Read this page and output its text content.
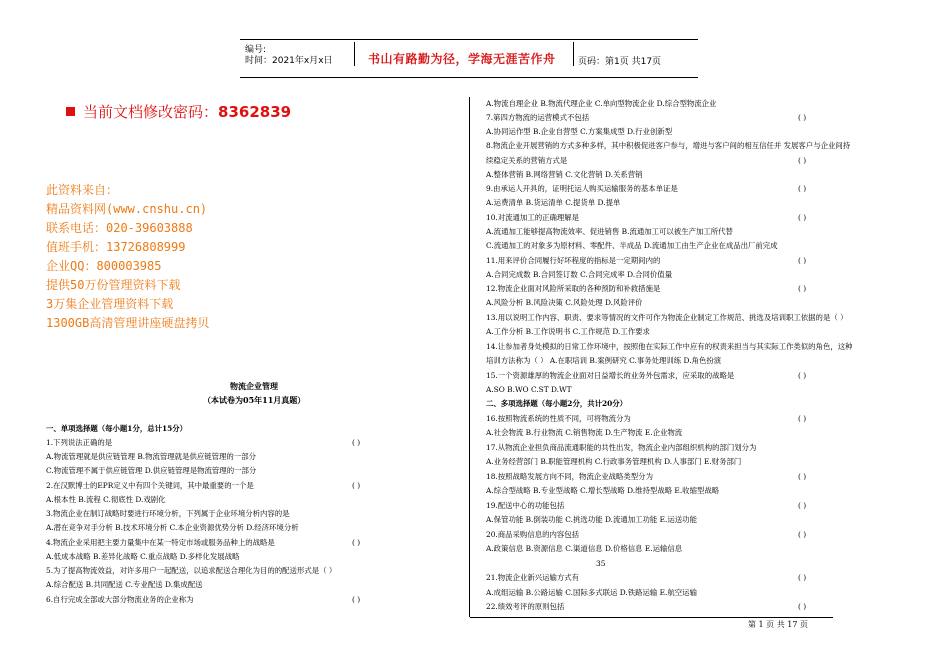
编号:
时间：2021年x月x日	书山有路勤为径，学海无涯苦作舟 页码：第1页 共17页
当前文档修改密码：8362839
此资料来自：
精品资料网(www.cnshu.cn)
联系电话：020-39603888
值班手机：13726808999
企业QQ：800003985
提供50万份管理资料下载
3万集企业管理资料下载
1300GB高清管理讲座硬盘拷贝
物流企业管理
（本试卷为05年11月真题）
一、单项选择题（每小题1分，总计15分）
1.下列说法正确的是	( )
A.物流管理就是供应链管理 B.物流管理就是供应链管理的一部分
C.物流管理不属于供应链管理 D.供应链管理是物流管理的一部分
2.在汉默博士的EPR定义中有四个关键词，其中最重要的一个是	( )
A.根本性 B.流程 C.彻底性 D.戏剧化
3.物流企业在制订战略时要进行环境分析，下列属于企业环境分析内容的是
A.潜在竞争对手分析 B.技术环境分析 C.本企业资源优势分析 D.经济环境分析
4.物流企业采用把主要力量集中在某一特定市场或服务品种上的战略是	( )
A.低成本战略 B.差异化战略 C.重点战略 D.多样化发展战略
5.为了提高物流效益，对许多用户一起配送，以追求配送合理化为目的的配送形式是（ ）
A.综合配送 B.共同配送 C.专业配送 D.集成配送
6.自行完成全部或大部分物流业务的企业称为	( )
A.物流自理企业 B.物流代理企业 C.单向型物流企业 D.综合型物流企业
7.第四方物流的运营模式不包括	( )
A.协同运作型 B.企业自营型 C.方案集成型 D.行业创新型
8.物流企业开展营销的方式多种多样，其中积极促进客户参与，增进与客户间的相互信任并 发展客户与企业间持
续稳定关系的营销方式是	( )
A.整体营销 B.网络营销 C.文化营销 D.关系营销
9.由承运人开具的，证明托运人购买运输服务的基本单证是	( )
A.运费清单 B.货运清单 C.提货单 D.提单
10.对流通加工的正确理解是	( )
A.流通加工能够提高物流效率、促进销售 B.流通加工可以被生产加工所代替
C.流通加工的对象多为原材料、零配件、半成品 D.流通加工由生产企业在成品出厂前完成
11.用来评价合同履行好坏程度的指标是一定期间内的	( )
A.合同完成数 B.合同签订数 C.合同完成率 D.合同价值量
12.物流企业面对风险所采取的各种预防和补救措施是	( )
A.风险分析 B.风险决策 C.风险处理 D.风险评价
13.用以说明工作内容、职责、要求等情况的文件可作为物流企业制定工作规范、挑选及培训职工依据的是（ ）
A.工作分析 B.工作说明书 C.工作规范 D.工作要求
14.让参加者身处模拟的日常工作环境中，按照他在实际工作中应有的权责来担当与其实际工作类似的角色，这种
培训方法称为（ ） A.在职培训 B.案例研究 C.事务处理训练 D.角色扮演
15.一个资源雄厚的物流企业面对日益增长的业务外包需求，应采取的战略是	( )
A.SO B.WO C.ST D.WT
二、多项选择题（每小题2分，共计20分）
16.按照物流系统的性质不同，可将物流分为	( )
A.社会物流 B.行业物流 C.销售物流 D.生产物流 E.企业物流
17.从物流企业担负商品流通职能的共性出发，物流企业内部组织机构的部门划分为
A.业务经营部门 B.职能管理机构 C.行政事务管理机构 D.人事部门 E.财务部门
18.按照战略发展方向不同，物流企业战略类型分为	( )
A.综合型战略 B.专业型战略 C.增长型战略 D.维持型战略 E.收缩型战略
19.配送中心的功能包括	( )
A.保管功能 B.倒装功能 C.挑选功能 D.流通加工功能 E.运送功能
20.商品采购信息的内容包括	( )
A.政策信息 B.资源信息 C.渠道信息 D.价格信息 E.运输信息
35
21.物流企业新兴运输方式有	( )
A.成组运输 B.公路运输 C.国际多式联运 D.铁路运输 E.航空运输
22.绩效考评的原则包括	( )
第 1 页 共 17 页
